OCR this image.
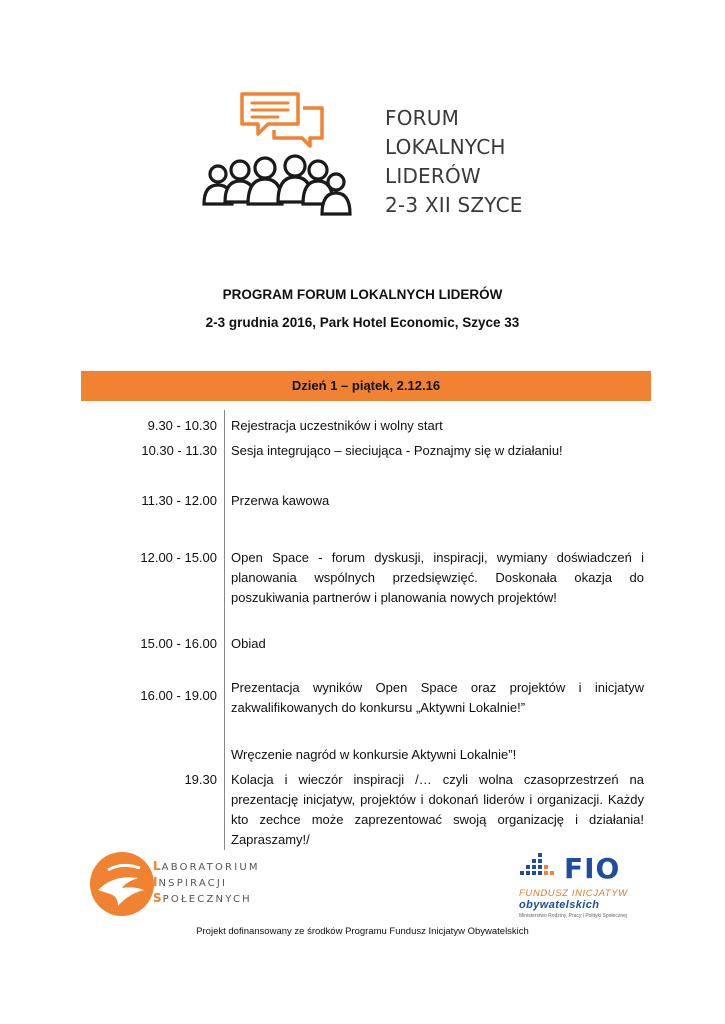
FORUM
LOKALNYCH
LIDERÓW
2-3 XII SZYCE
PROGRAM FORUM LOKALNYCH LIDERÓW
2-3 grudnia 2016, Park Hotel Economic, Szyce 33
Dzień 1 – piątek, 2.12.16
9.30 - 10.30 Rejestracja uczestników i wolny start
10.30 - 11.30 Sesja integrująco – sieciująca - Poznajmy się w działaniu!
11.30 - 12.00 Przerwa kawowa
12.00 - 15.00 Open Space - forum dyskusji, inspiracji, wymiany doświadczeń i planowania wspólnych przedsięwzięć. Doskonała okazja do poszukiwania partnerów i planowania nowych projektów!
15.00 - 16.00 Obiad
16.00 - 19.00
Prezentacja wyników Open Space oraz projektów i inicjatyw zakwalifikowanych do konkursu „Aktywni Lokalnie!”
Wręczenie nagród w konkursie Aktywni Lokalnie”!
19.30 Kolacja i wieczór inspiracji /… czyli wolna czasoprzestrzeń na prezentację inicjatyw, projektów i dokonań liderów i organizacji. Każdy kto zechce może zaprezentować swoją organizację i działania! Zapraszamy!/
LABORATORIUM
INSPIRACJI
SPOŁECZNYCH
FIO
FUNDUSZ INICJATYW
obywatelskich
Ministerstwo Rodziny, Pracy i Polityki Społecznej
Projekt dofinansowany ze środków Programu Fundusz Inicjatyw Obywatelskich
